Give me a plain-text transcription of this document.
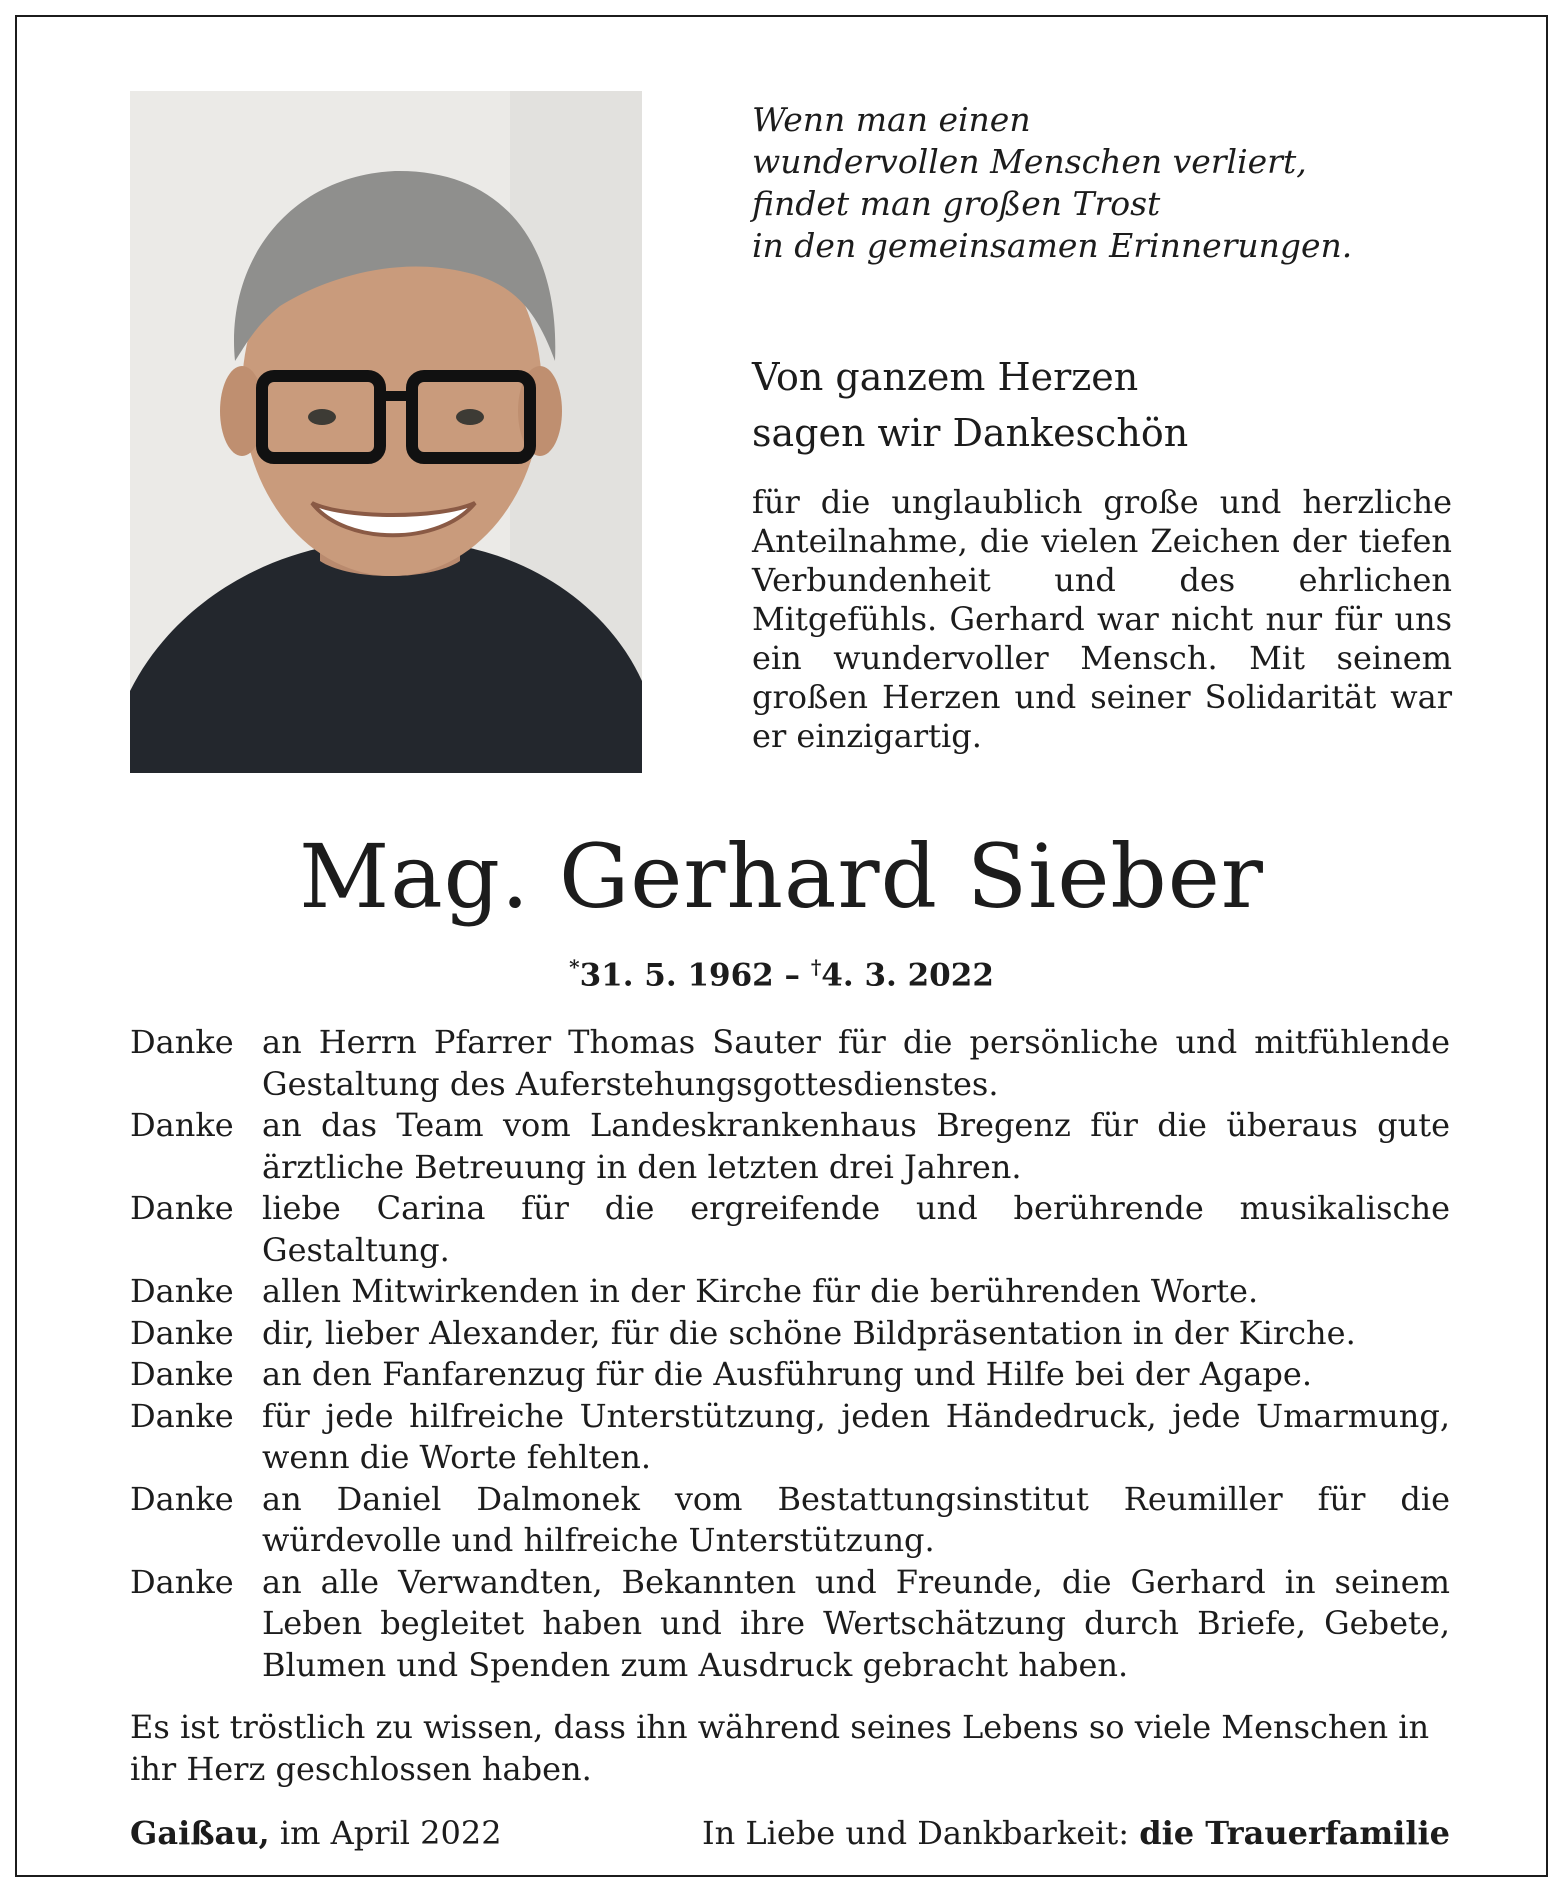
Wenn man einen
wundervollen Menschen verliert,
findet man großen Trost
in den gemeinsamen Erinnerungen.
Von ganzem Herzen
sagen wir Dankeschön
für die unglaublich große und herzliche Anteilnahme, die vielen Zeichen der tiefen Verbundenheit und des ehrlichen Mitgefühls. Gerhard war nicht nur für uns ein wundervoller Mensch. Mit seinem großen Herzen und seiner Solidarität war er einzigartig.
Mag. Gerhard Sieber
*31. 5. 1962 – †4. 3. 2022
Danke an Herrn Pfarrer Thomas Sauter für die persönliche und mitfühlende Gestaltung des Auferstehungsgottesdienstes.
Danke an das Team vom Landeskrankenhaus Bregenz für die überaus gute ärztliche Betreuung in den letzten drei Jahren.
Danke liebe Carina für die ergreifende und berührende musikalische Gestaltung.
Danke allen Mitwirkenden in der Kirche für die berührenden Worte.
Danke dir, lieber Alexander, für die schöne Bildpräsentation in der Kirche.
Danke an den Fanfarenzug für die Ausführung und Hilfe bei der Agape.
Danke für jede hilfreiche Unterstützung, jeden Händedruck, jede Umarmung, wenn die Worte fehlten.
Danke an Daniel Dalmonek vom Bestattungsinstitut Reumiller für die würdevolle und hilfreiche Unterstützung.
Danke an alle Verwandten, Bekannten und Freunde, die Gerhard in seinem Leben begleitet haben und ihre Wertschätzung durch Briefe, Gebete, Blumen und Spenden zum Ausdruck gebracht haben.
Es ist tröstlich zu wissen, dass ihn während seines Lebens so viele Menschen in ihr Herz geschlossen haben.
Gaißau, im April 2022	In Liebe und Dankbarkeit: die Trauerfamilie
